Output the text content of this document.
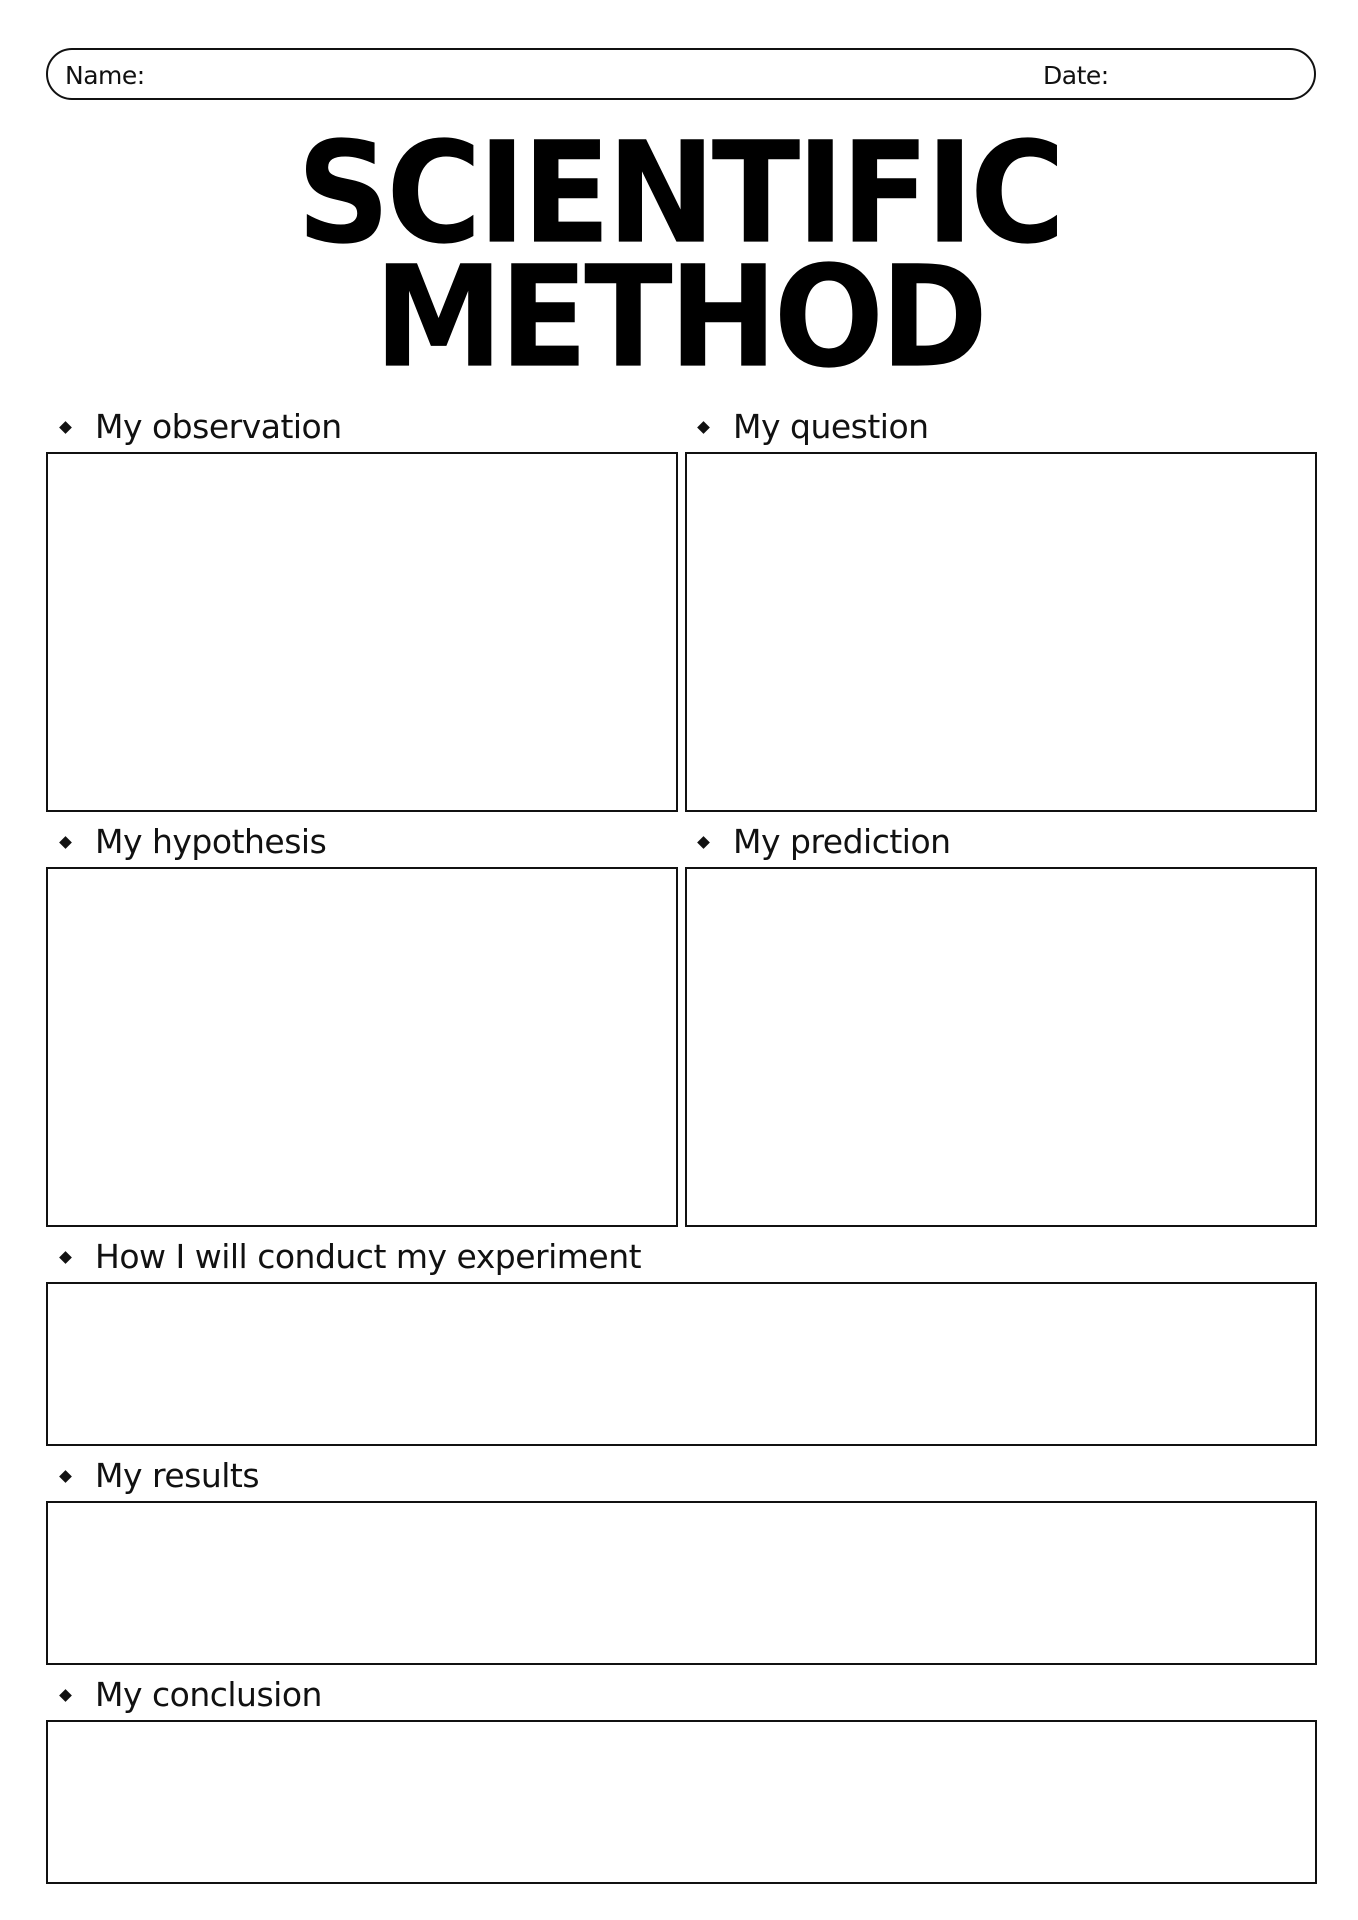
Name:	Date:
SCIENTIFIC
METHOD
My observation	My question
My hypothesis	My prediction
How I will conduct my experiment
My results
My conclusion
